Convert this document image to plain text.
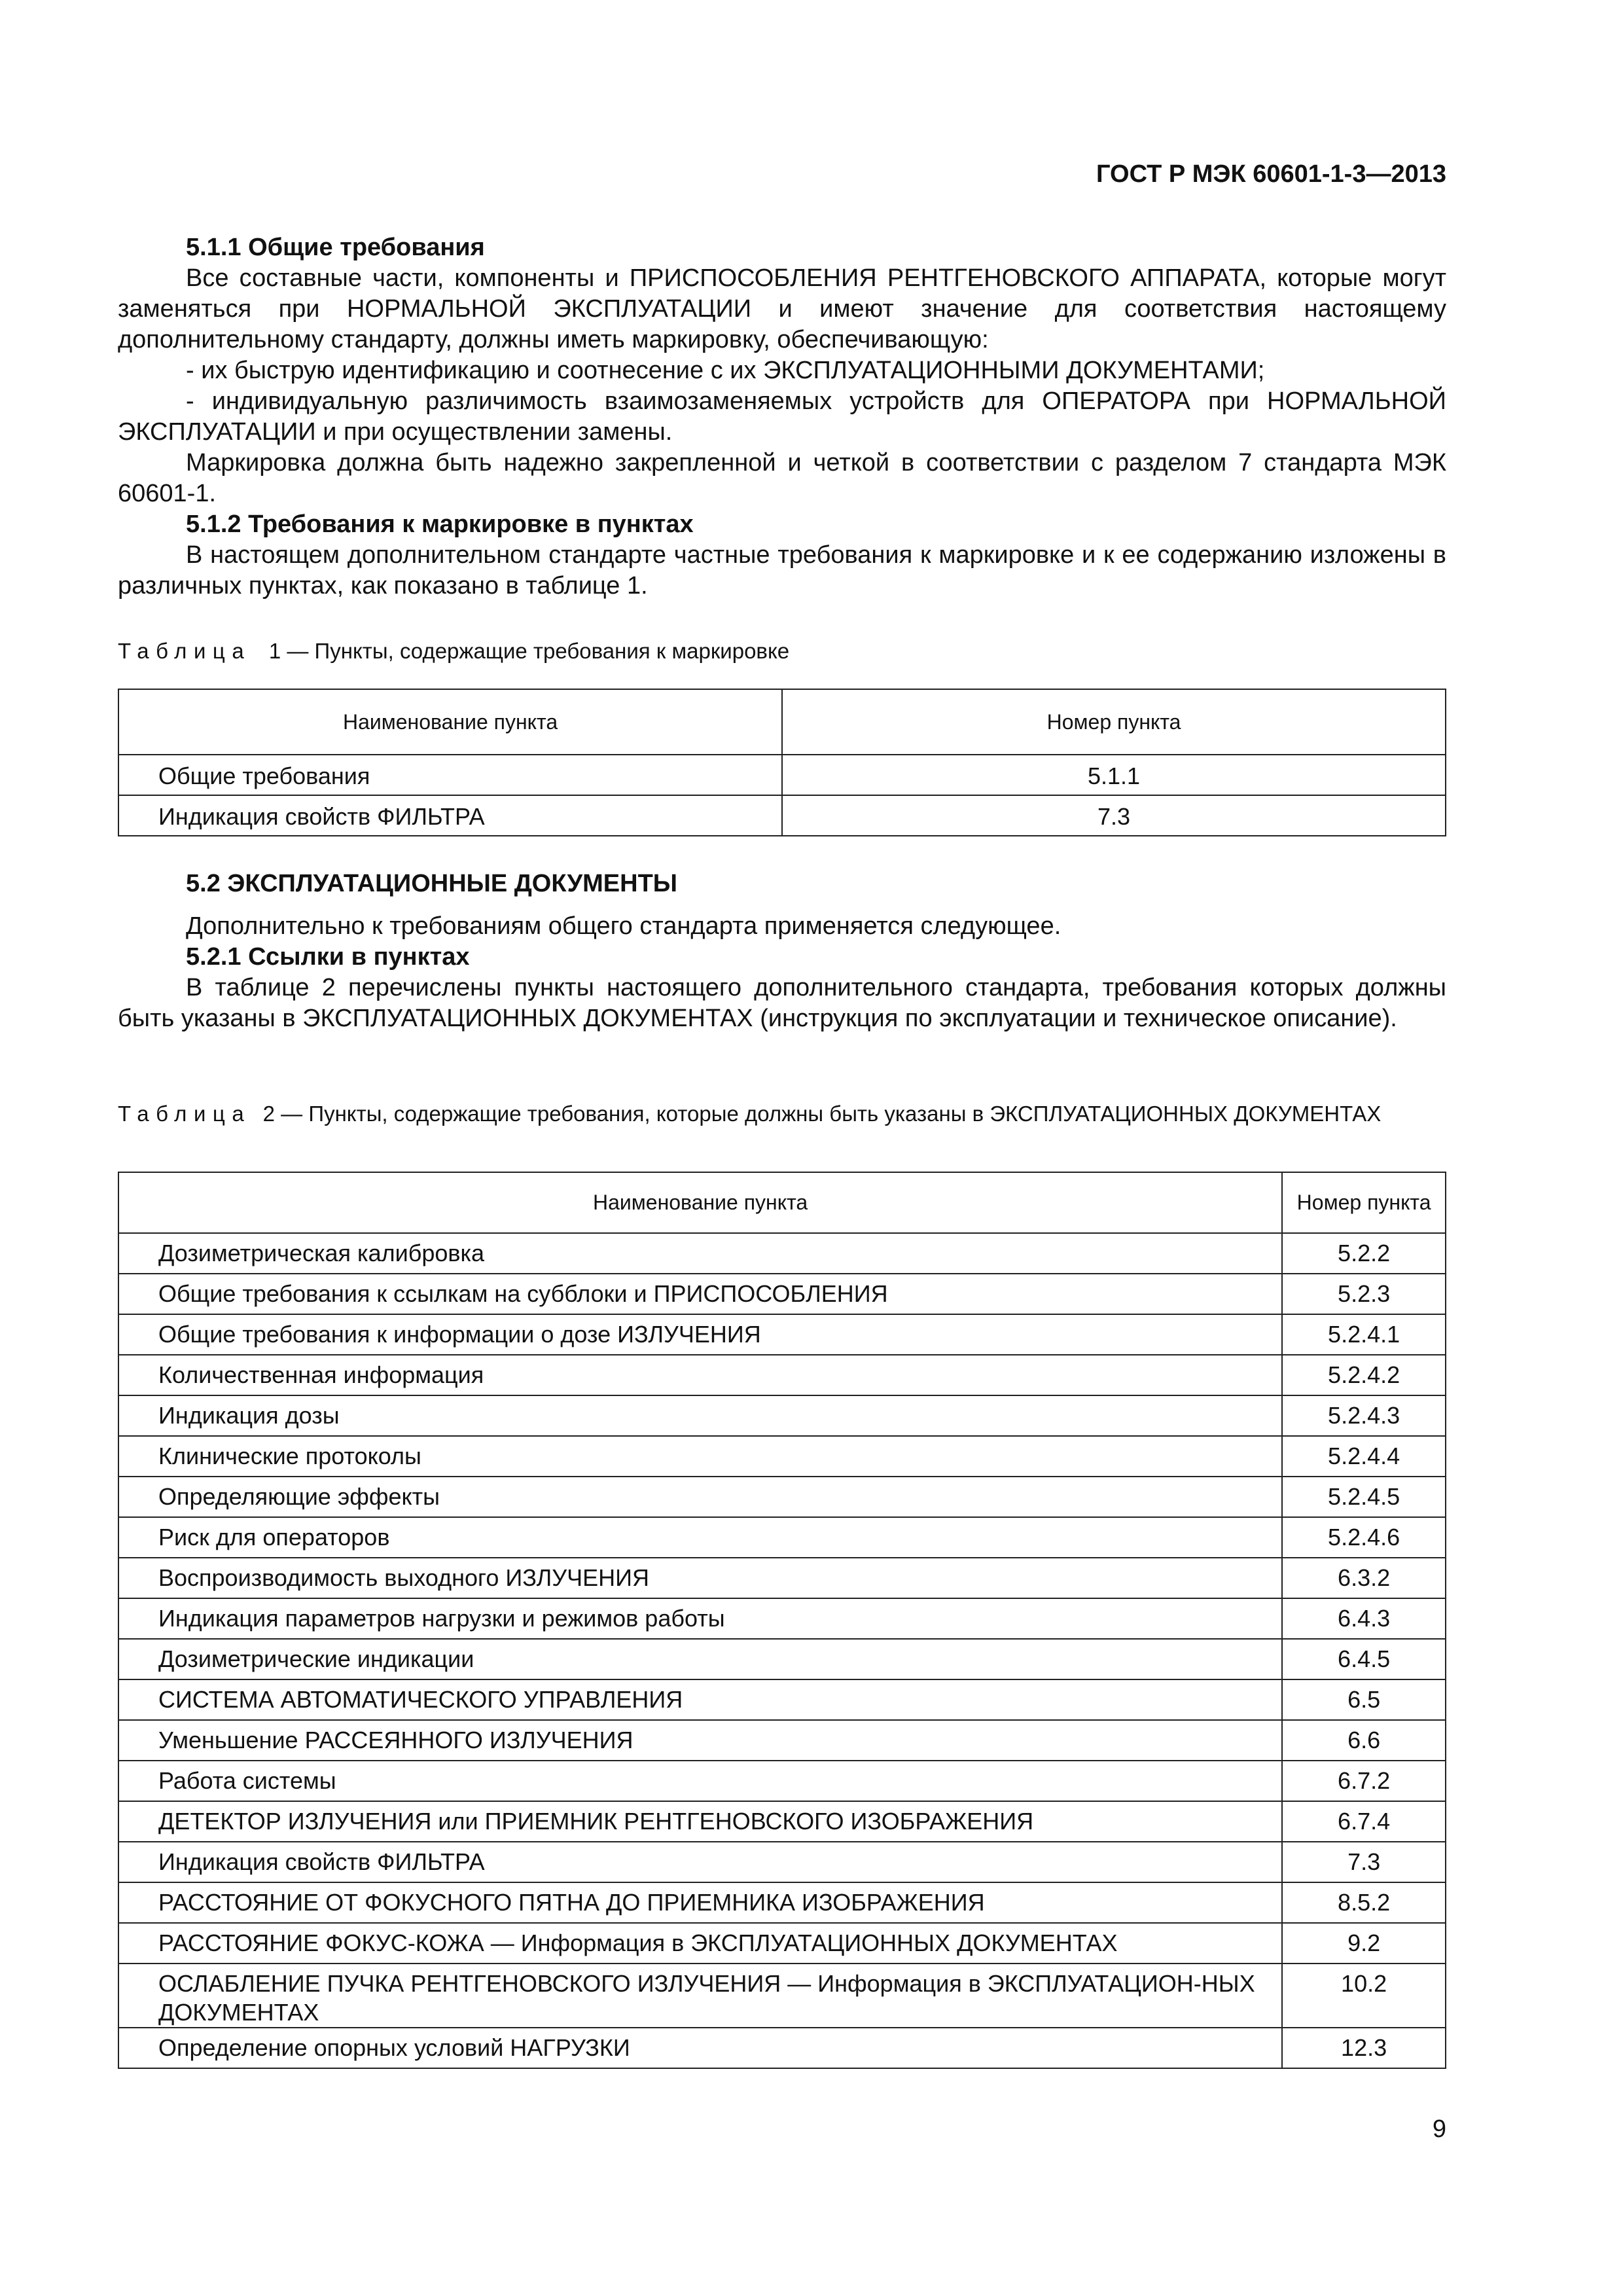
ГОСТ Р МЭК 60601-1-3—2013

5.1.1 Общие требования

Все составные части, компоненты и ПРИСПОСОБЛЕНИЯ РЕНТГЕНОВСКОГО АППАРАТА, которые могут заменяться при НОРМАЛЬНОЙ ЭКСПЛУАТАЦИИ и имеют значение для соответствия настоящему дополнительному стандарту, должны иметь маркировку, обеспечивающую:

- их быструю идентификацию и соотнесение с их ЭКСПЛУАТАЦИОННЫМИ ДОКУМЕНТАМИ;

- индивидуальную различимость взаимозаменяемых устройств для ОПЕРАТОРА при НОРМАЛЬНОЙ ЭКСПЛУАТАЦИИ и при осуществлении замены.

Маркировка должна быть надежно закрепленной и четкой в соответствии с разделом 7 стандарта МЭК 60601-1.

5.1.2 Требования к маркировке в пунктах

В настоящем дополнительном стандарте частные требования к маркировке и к ее содержанию изложены в различных пунктах, как показано в таблице 1.

Таблица 1 — Пункты, содержащие требования к маркировке

Наименование пункта	Номер пункта
Общие требования	5.1.1
Индикация свойств ФИЛЬТРА	7.3

5.2 ЭКСПЛУАТАЦИОННЫЕ ДОКУМЕНТЫ

Дополнительно к требованиям общего стандарта применяется следующее.

5.2.1 Ссылки в пунктах

В таблице 2 перечислены пункты настоящего дополнительного стандарта, требования которых должны быть указаны в ЭКСПЛУАТАЦИОННЫХ ДОКУМЕНТАХ (инструкция по эксплуатации и техническое описание).

Таблица 2 — Пункты, содержащие требования, которые должны быть указаны в ЭКСПЛУАТАЦИОННЫХ ДОКУМЕНТАХ

Наименование пункта	Номер пункта
Дозиметрическая калибровка	5.2.2
Общие требования к ссылкам на субблоки и ПРИСПОСОБЛЕНИЯ	5.2.3
Общие требования к информации о дозе ИЗЛУЧЕНИЯ	5.2.4.1
Количественная информация	5.2.4.2
Индикация дозы	5.2.4.3
Клинические протоколы	5.2.4.4
Определяющие эффекты	5.2.4.5
Риск для операторов	5.2.4.6
Воспроизводимость выходного ИЗЛУЧЕНИЯ	6.3.2
Индикация параметров нагрузки и режимов работы	6.4.3
Дозиметрические индикации	6.4.5
СИСТЕМА АВТОМАТИЧЕСКОГО УПРАВЛЕНИЯ	6.5
Уменьшение РАССЕЯННОГО ИЗЛУЧЕНИЯ	6.6
Работа системы	6.7.2
ДЕТЕКТОР ИЗЛУЧЕНИЯ или ПРИЕМНИК РЕНТГЕНОВСКОГО ИЗОБРАЖЕНИЯ	6.7.4
Индикация свойств ФИЛЬТРА	7.3
РАССТОЯНИЕ ОТ ФОКУСНОГО ПЯТНА ДО ПРИЕМНИКА ИЗОБРАЖЕНИЯ	8.5.2
РАССТОЯНИЕ ФОКУС-КОЖА — Информация в ЭКСПЛУАТАЦИОННЫХ ДОКУМЕНТАХ	9.2
ОСЛАБЛЕНИЕ ПУЧКА РЕНТГЕНОВСКОГО ИЗЛУЧЕНИЯ — Информация в ЭКСПЛУАТАЦИОН-НЫХ ДОКУМЕНТАХ	10.2
Определение опорных условий НАГРУЗКИ	12.3
9
